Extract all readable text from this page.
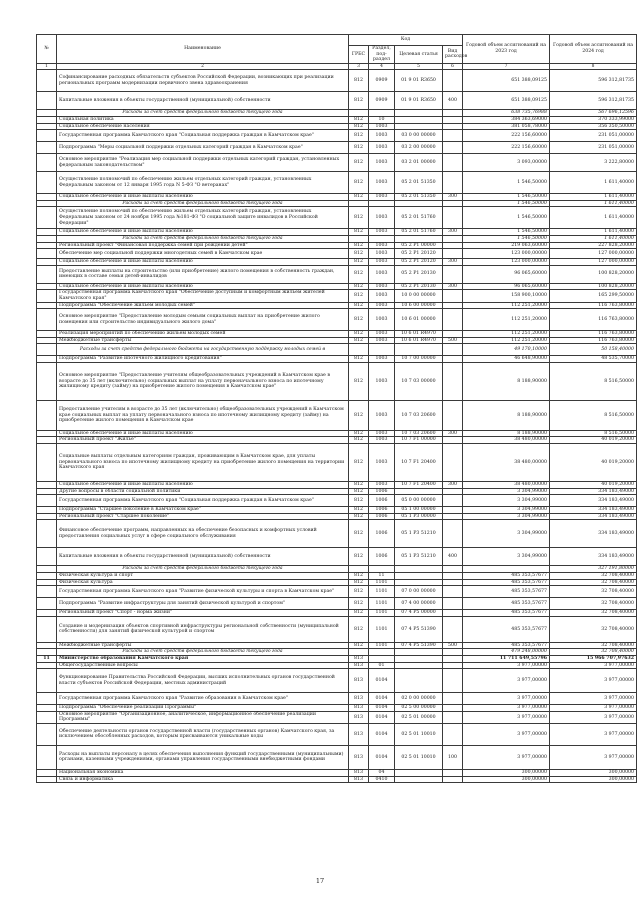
№	Наименование	Код				Годовой объем ассигнований на 2023 год	Годовой объем ассигнований на 2024 год
		ГРБС	Раздел, под-раздел	Целевая статья	Вид расходов		
1	2	3	4	5	6	7	8
	Софинансирование расходных обязательств субъектов Российской Федерации, возникающих при реализации региональных программ модернизации первичного звена здравоохранения	812	0909	01 9 01 R3650		651 388,09125	596 312,81735
	Капитальные вложения в объекты государственной (муниципальной) собственности	812	0909	01 9 01 R3650	400	651 388,09125	596 312,81735
	Расходы за счет средств федерального бюджета текущего года					638 735,76988	567 696,12596
	Социальная политика	812	10			384 363,69000	370 333,99000
	Социальное обеспечение населения	812	1003			381 058,78000	356 350,50000
	Государственная программа Камчатского края "Социальная поддержка граждан в Камчатском крае"	812	1003	03 0 00 00000		222 156,60000	231 051,00000
	Подпрограмма "Меры социальной поддержки отдельных категорий граждан в Камчатском крае"	812	1003	03 2 00 00000		222 156,60000	231 051,00000
	Основное мероприятие "Реализация мер социальной поддержки отдельных категорий граждан, установленных федеральным законодательством"	812	1003	03 2 01 00000		3 093,00000	3 222,80000
	Осуществление полномочий по обеспечению жильем отдельных категорий граждан, установленных Федеральным законом от 12 января 1995 года N 5-ФЗ "О ветеранах"	812	1003	05 2 01 51350		1 546,50000	1 611,40000
	Социальное обеспечение и иные выплаты населению	812	1003	05 2 01 51350	300	1 546,50000	1 611,40000
	Расходы за счет средств федерального бюджета текущего года					1 546,50000	1 611,40000
	Осуществление полномочий по обеспечению жильем отдельных категорий граждан, установленных Федеральным законом от 24 ноября 1995 года №181-ФЗ "О социальной защите инвалидов в Российской Федерации"	812	1003	05 2 01 51760		1 546,50000	1 611,40000
	Социальное обеспечение и иные выплаты населению	812	1003	05 2 01 51760	300	1 546,50000	1 611,40000
	Расходы за счет средств федерального бюджета текущего года					1 546,50000	1 611,40000
	Региональный проект "Финансовая поддержка семей при рождении детей"	812	1003	05 2 P1 00000		219 063,60000	227 828,20000
	Обеспечение мер социальной поддержки многодетных семей в Камчатском крае	812	1003	05 2 P1 20120		123 000,00000	127 000,00000
	Социальное обеспечение и иные выплаты населению	812	1003	05 2 P1 20120	300	123 000,00000	127 000,00000
	Предоставление выплаты на строительство (или приобретение) жилого помещения в собственность граждан, имеющих в составе семьи детей-инвалидов	812	1003	05 2 P1 20130		96 065,60000	100 828,20000
	Социальное обеспечение и иные выплаты населению	812	1003	05 2 P1 20130	300	96 065,60000	100 828,20000
	Государственная программа Камчатского края "Обеспечение доступным и комфортным жильем жителей Камчатского края"	812	1003	10 0 00 00000		158 900,10000	165 299,50000
	Подпрограмма "Обеспечение жильем молодых семей"	812	1003	10 6 00 00000		112 251,20000	116 763,80000
	Основное мероприятие "Предоставление молодым семьям социальных выплат на приобретение жилого помещения или строительство индивидуального жилого дома"	812	1003	10 6 01 00000		112 251,20000	116 763,80000
	Реализация мероприятий по обеспечению жильем молодых семей	812	1003	10 6 01 R4970		112 251,20000	116 763,80000
	Межбюджетные трансферты	812	1003	10 6 01 R4970	500	112 251,20000	116 763,80000
	Расходы за счет средств федерального бюджета на государственную поддержку молодых семей в					49 170,10000	50 158,40000
	Подпрограмма "Развитие ипотечного жилищного кредитования"	812	1003	10 7 00 00000		46 648,90000	48 535,70000
	Основное мероприятие "Предоставление учителям общеобразовательных учреждений в Камчатском крае в возрасте до 35 лет (включительно) социальных выплат на уплату первоначального взноса по ипотечному жилищному кредиту (займу) на приобретение жилого помещения в Камчатском крае"	812	1003	10 7 03 00000		8 188,90000	8 516,50000
	Предоставление учителям в возрасте до 35 лет (включительно) общеобразовательных учреждений в Камчатском крае социальных выплат на уплату первоначального взноса по ипотечному жилищному кредиту (займу) на приобретение жилого помещения в Камчатском крае	812	1003	10 7 03 20600		8 188,90000	8 516,50000
	Социальное обеспечение и иные выплаты населению	812	1003	10 7 03 20600	300	8 188,90000	8 516,50000
	Региональный проект "Жилье"	812	1003	10 7 F1 00000		38 480,00000	40 019,20000
	Социальные выплаты отдельным категориям граждан, проживающим в Камчатском крае, для уплаты первоначального взноса по ипотечному жилищному кредиту на приобретение жилого помещения на территории Камчатского края	812	1003	10 7 F1 20400		38 480,00000	40 019,20000
	Социальное обеспечение и иные выплаты населению	812	1003	10 7 F1 20400	300	38 480,00000	40 019,20000
	Другие вопросы в области социальной политики	812	1006			3 304,99000	334 183,49000
	Государственная программа Камчатского края "Социальная поддержка граждан в Камчатском крае"	812	1006	05 0 00 00000		3 304,99000	334 183,49000
	Подпрограмма "Старшее поколение в Камчатском крае"	812	1006	05 1 00 00000		3 304,99000	334 183,49000
	Региональный проект "Старшее поколение"	812	1006	05 1 P3 00000		3 304,99000	334 183,49000
	Финансовое обеспечение программ, направленных на обеспечение безопасных и комфортных условий предоставления социальных услуг в сфере социального обслуживания	812	1006	05 1 P3 51210		3 304,99000	334 183,49000
	Капитальные вложения в объекты государственной (муниципальной) собственности	812	1006	05 1 P3 51210	400	3 304,99000	334 183,49000
	Расходы за счет средств федерального бюджета текущего года						327 191,80000
	Физическая культура и спорт	812	11			485 353,57677	32 708,40000
	Физическая культура	812	1101			485 353,57677	32 708,40000
	Государственная программа Камчатского края "Развитие физической культуры и спорта в Камчатском крае"	812	1101	07 0 00 00000		485 353,57677	32 708,40000
	Подпрограмма "Развитие инфраструктуры для занятий физической культурой и спортом"	812	1101	07 4 00 00000		485 353,57677	32 708,40000
	Региональный проект "Спорт - норма жизни"	812	1101	07 4 P5 00000		485 353,57677	32 708,40000
	Создание и модернизация объектов спортивной инфраструктуры региональной собственности (муниципальной собственности) для занятий физической культурой и спортом	812	1101	07 4 P5 51390		485 353,57677	32 708,40000
	Межбюджетные трансферты	812	1101	07 4 P5 51390	500	485 353,57677	32 708,40000
	Расходы за счет средств федерального бюджета текущего года					479 248,00000	32 708,40000
11	Министерство образования Камчатского края	813				11 711 649,55796	15 966 707,97632
	Общегосударственные вопросы	813	01			3 977,00000	3 977,00000
	Функционирование Правительства Российской Федерации, высших исполнительных органов государственной власти субъектов Российской Федерации, местных администраций	813	0104			3 977,00000	3 977,00000
	Государственная программа Камчатского края "Развитие образования в Камчатском крае"	813	0104	02 0 00 00000		3 977,00000	3 977,00000
	Подпрограмма "Обеспечение реализации Программы"	813	0104	02 5 00 00000		3 977,00000	3 977,00000
	Основное мероприятие "Организационное, аналитическое, информационное обеспечение реализации Программы"	813	0104	02 5 01 00000		3 977,00000	3 977,00000
	Обеспечение деятельности органов государственной власти (государственных органов) Камчатского края, за исключением обособленных расходов, которым присваиваются уникальные коды	813	0104	02 5 01 10010		3 977,00000	3 977,00000
	Расходы на выплаты персоналу в целях обеспечения выполнения функций государственными (муниципальными) органами, казенными учреждениями, органами управления государственными внебюджетными фондами	813	0104	02 5 01 10010	100	3 977,00000	3 977,00000
	Национальная экономика	813	04			300,00000	300,00000
	Связь и информатика	813	0410			300,00000	300,00000
17
